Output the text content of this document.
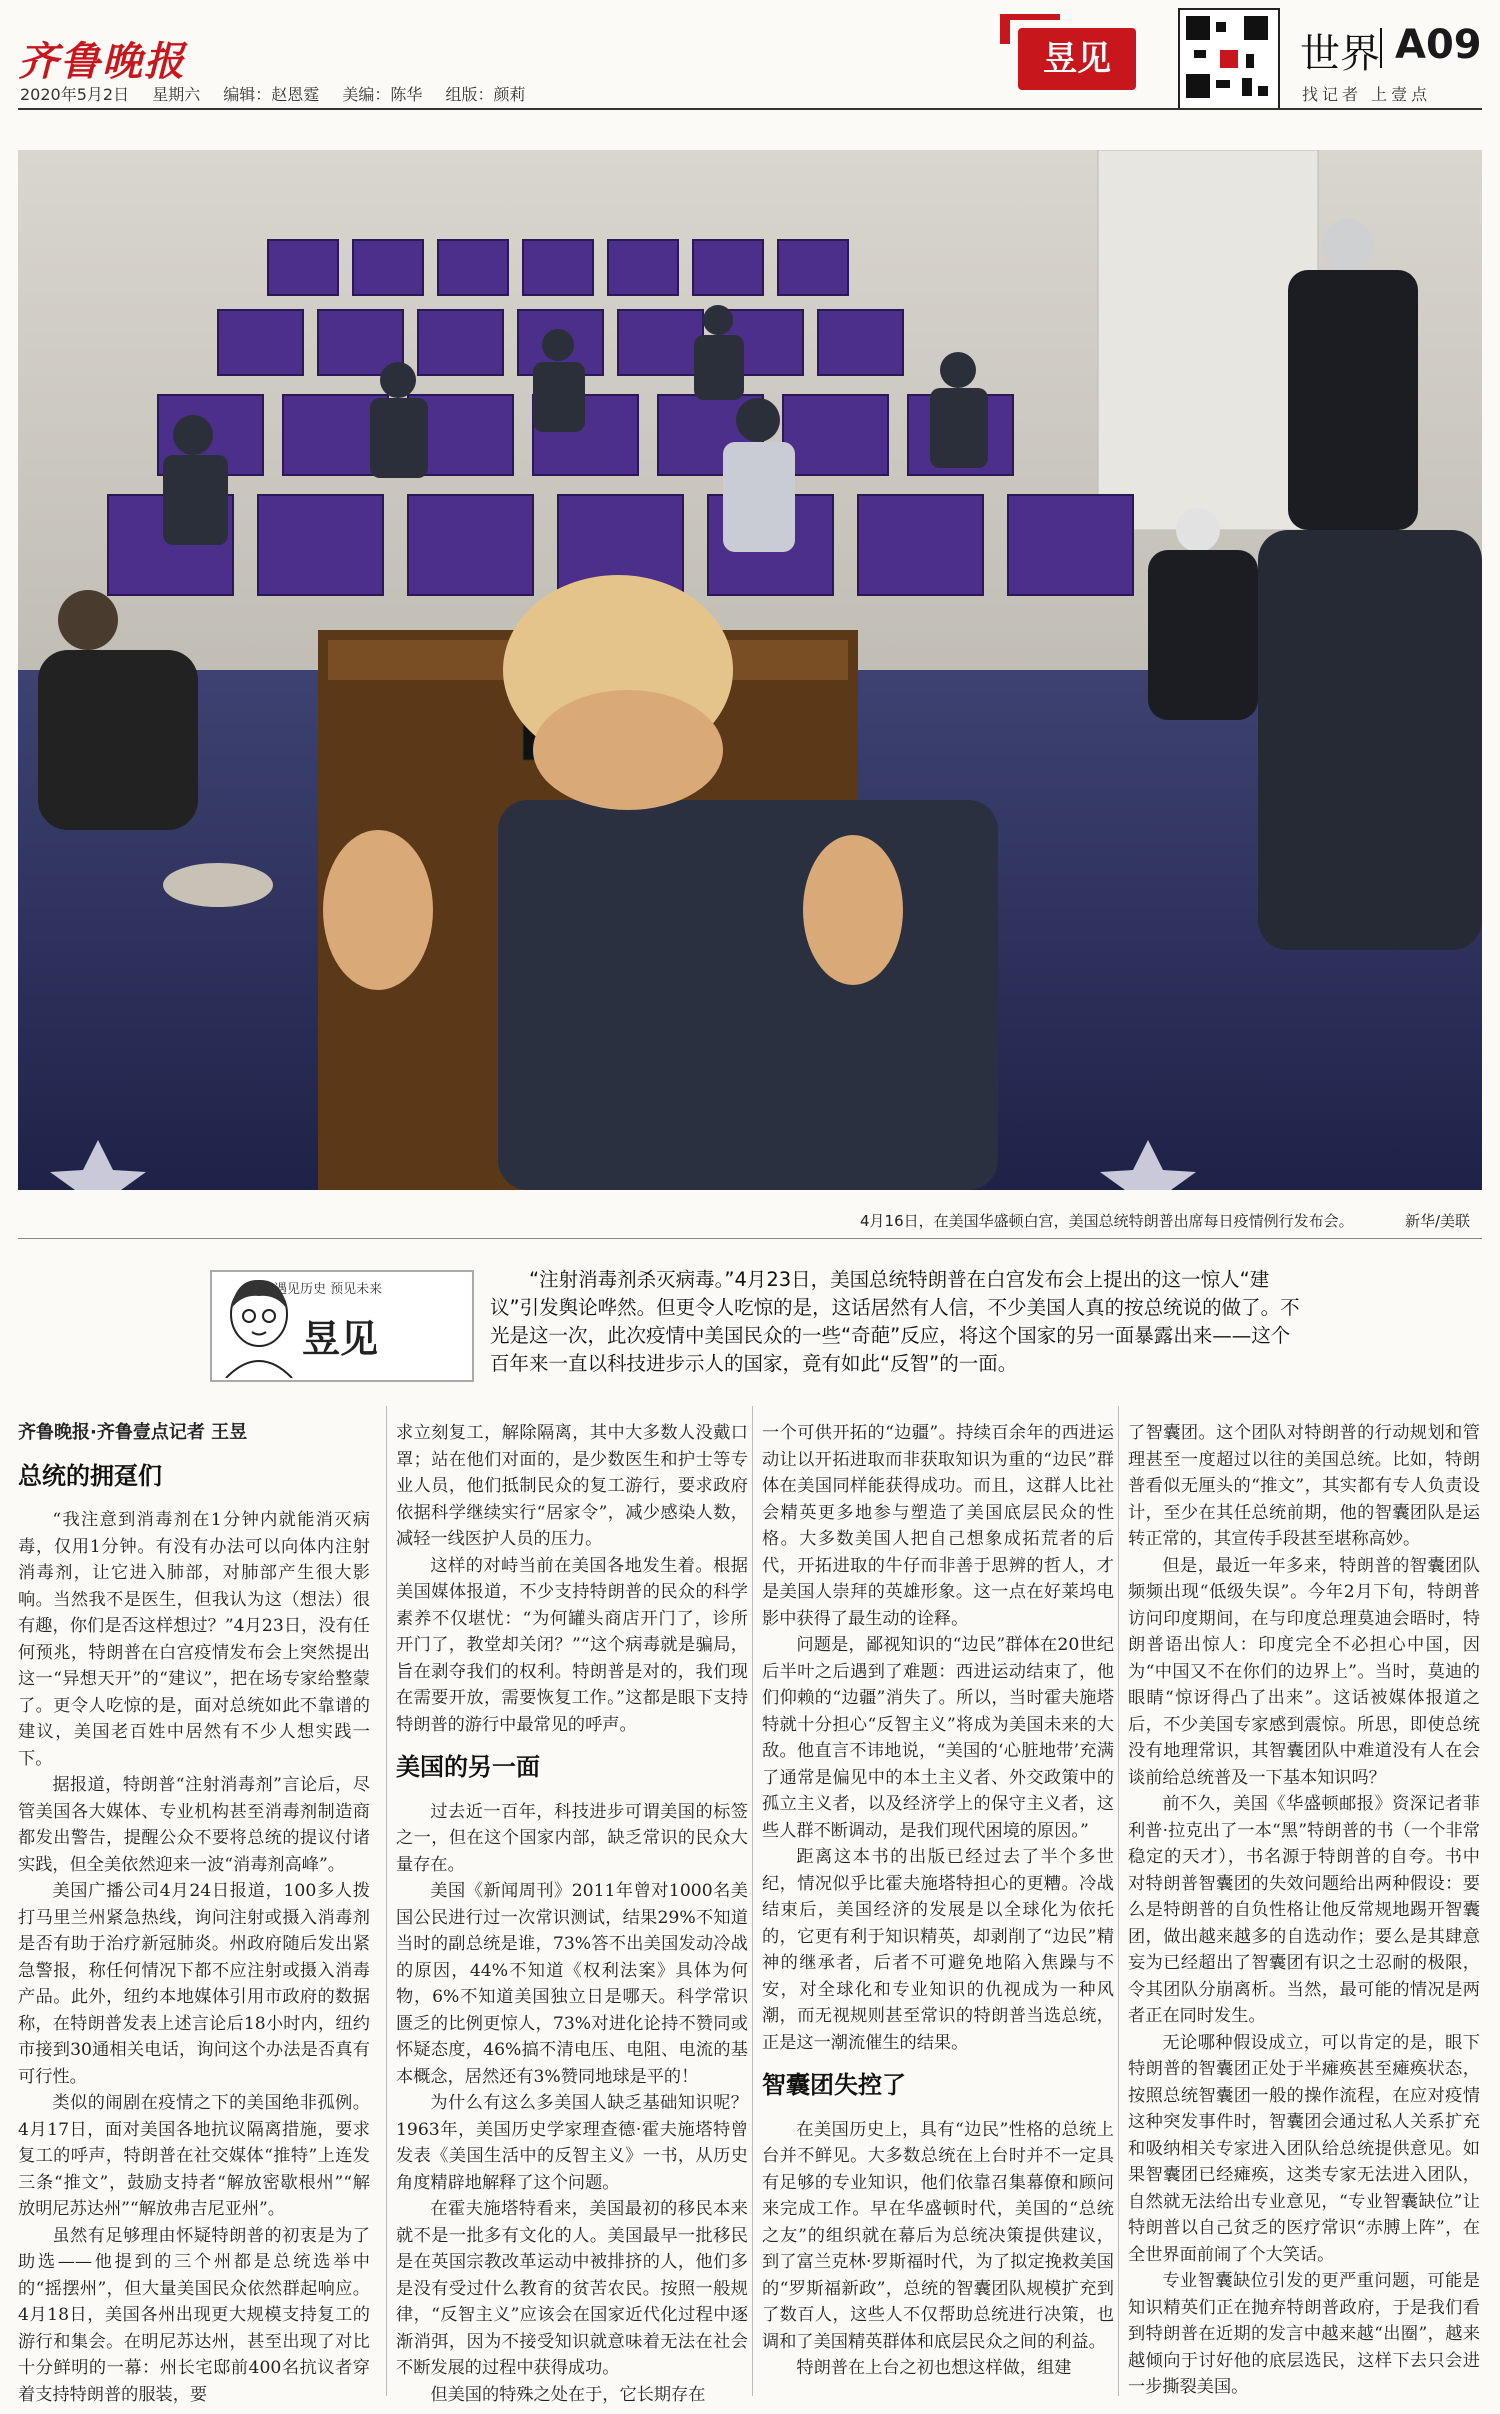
齐鲁晚报
2020年5月2日 星期六 编辑：赵恩霆 美编：陈华 组版：颜莉
昱见	世界 A09
找记者 上壹点
4月16日，在美国华盛顿白宫，美国总统特朗普出席每日疫情例行发布会。	新华/美联
遇见历史 预见未来
昱见
“注射消毒剂杀灭病毒。”4月23日，美国总统特朗普在白宫发布会上提出的这一惊人“建议”引发舆论哗然。但更令人吃惊的是，这话居然有人信，不少美国人真的按总统说的做了。不光是这一次，此次疫情中美国民众的一些“奇葩”反应，将这个国家的另一面暴露出来——这个百年来一直以科技进步示人的国家，竟有如此“反智”的一面。

齐鲁晚报·齐鲁壹点记者 王昱

总统的拥趸们

“我注意到消毒剂在1分钟内就能消灭病毒，仅用1分钟。有没有办法可以向体内注射消毒剂，让它进入肺部，对肺部产生很大影响。当然我不是医生，但我认为这（想法）很有趣，你们是否这样想过？”4月23日，没有任何预兆，特朗普在白宫疫情发布会上突然提出这一“异想天开”的“建议”，把在场专家给整蒙了。更令人吃惊的是，面对总统如此不靠谱的建议，美国老百姓中居然有不少人想实践一下。

据报道，特朗普“注射消毒剂”言论后，尽管美国各大媒体、专业机构甚至消毒剂制造商都发出警告，提醒公众不要将总统的提议付诸实践，但全美依然迎来一波“消毒剂高峰”。

美国广播公司4月24日报道，100多人拨打马里兰州紧急热线，询问注射或摄入消毒剂是否有助于治疗新冠肺炎。州政府随后发出紧急警报，称任何情况下都不应注射或摄入消毒产品。此外，纽约本地媒体引用市政府的数据称，在特朗普发表上述言论后18小时内，纽约市接到30通相关电话，询问这个办法是否真有可行性。

类似的闹剧在疫情之下的美国绝非孤例。4月17日，面对美国各地抗议隔离措施，要求复工的呼声，特朗普在社交媒体“推特”上连发三条“推文”，鼓励支持者“解放密歇根州”“解放明尼苏达州”“解放弗吉尼亚州”。

虽然有足够理由怀疑特朗普的初衷是为了助选——他提到的三个州都是总统选举中的“摇摆州”，但大量美国民众依然群起响应。4月18日，美国各州出现更大规模支持复工的游行和集会。在明尼苏达州，甚至出现了对比十分鲜明的一幕：州长宅邸前400名抗议者穿着支持特朗普的服装，要

求立刻复工，解除隔离，其中大多数人没戴口罩；站在他们对面的，是少数医生和护士等专业人员，他们抵制民众的复工游行，要求政府依据科学继续实行“居家令”，减少感染人数，减轻一线医护人员的压力。

这样的对峙当前在美国各地发生着。根据美国媒体报道，不少支持特朗普的民众的科学素养不仅堪忧：“为何罐头商店开门了，诊所开门了，教堂却关闭？”“这个病毒就是骗局，旨在剥夺我们的权利。特朗普是对的，我们现在需要开放，需要恢复工作。”这都是眼下支持特朗普的游行中最常见的呼声。

美国的另一面

过去近一百年，科技进步可谓美国的标签之一，但在这个国家内部，缺乏常识的民众大量存在。

美国《新闻周刊》2011年曾对1000名美国公民进行过一次常识测试，结果29%不知道当时的副总统是谁，73%答不出美国发动冷战的原因，44%不知道《权利法案》具体为何物，6%不知道美国独立日是哪天。科学常识匮乏的比例更惊人，73%对进化论持不赞同或怀疑态度，46%搞不清电压、电阻、电流的基本概念，居然还有3%赞同地球是平的！

为什么有这么多美国人缺乏基础知识呢？1963年，美国历史学家理查德·霍夫施塔特曾发表《美国生活中的反智主义》一书，从历史角度精辟地解释了这个问题。

在霍夫施塔特看来，美国最初的移民本来就不是一批多有文化的人。美国最早一批移民是在英国宗教改革运动中被排挤的人，他们多是没有受过什么教育的贫苦农民。按照一般规律，“反智主义”应该会在国家近代化过程中逐渐消弭，因为不接受知识就意味着无法在社会不断发展的过程中获得成功。

但美国的特殊之处在于，它长期存在

一个可供开拓的“边疆”。持续百余年的西进运动让以开拓进取而非获取知识为重的“边民”群体在美国同样能获得成功。而且，这群人比社会精英更多地参与塑造了美国底层民众的性格。大多数美国人把自己想象成拓荒者的后代，开拓进取的牛仔而非善于思辨的哲人，才是美国人崇拜的英雄形象。这一点在好莱坞电影中获得了最生动的诠释。

问题是，鄙视知识的“边民”群体在20世纪后半叶之后遇到了难题：西进运动结束了，他们仰赖的“边疆”消失了。所以，当时霍夫施塔特就十分担心“反智主义”将成为美国未来的大敌。他直言不讳地说，“美国的‘心脏地带’充满了通常是偏见中的本土主义者、外交政策中的孤立主义者，以及经济学上的保守主义者，这些人群不断调动，是我们现代困境的原因。”

距离这本书的出版已经过去了半个多世纪，情况似乎比霍夫施塔特担心的更糟。冷战结束后，美国经济的发展是以全球化为依托的，它更有利于知识精英，却剥削了“边民”精神的继承者，后者不可避免地陷入焦躁与不安，对全球化和专业知识的仇视成为一种风潮，而无视规则甚至常识的特朗普当选总统，正是这一潮流催生的结果。

智囊团失控了

在美国历史上，具有“边民”性格的总统上台并不鲜见。大多数总统在上台时并不一定具有足够的专业知识，他们依靠召集幕僚和顾问来完成工作。早在华盛顿时代，美国的“总统之友”的组织就在幕后为总统决策提供建议，到了富兰克林·罗斯福时代，为了拟定挽救美国的“罗斯福新政”，总统的智囊团队规模扩充到了数百人，这些人不仅帮助总统进行决策，也调和了美国精英群体和底层民众之间的利益。

特朗普在上台之初也想这样做，组建

了智囊团。这个团队对特朗普的行动规划和管理甚至一度超过以往的美国总统。比如，特朗普看似无厘头的“推文”，其实都有专人负责设计，至少在其任总统前期，他的智囊团队是运转正常的，其宣传手段甚至堪称高妙。

但是，最近一年多来，特朗普的智囊团队频频出现“低级失误”。今年2月下旬，特朗普访问印度期间，在与印度总理莫迪会晤时，特朗普语出惊人：印度完全不必担心中国，因为“中国又不在你们的边界上”。当时，莫迪的眼睛“惊讶得凸了出来”。这话被媒体报道之后，不少美国专家感到震惊。所思，即使总统没有地理常识，其智囊团队中难道没有人在会谈前给总统普及一下基本知识吗？

前不久，美国《华盛顿邮报》资深记者菲利普·拉克出了一本“黑”特朗普的书（一个非常稳定的天才），书名源于特朗普的自夸。书中对特朗普智囊团的失效问题给出两种假设：要么是特朗普的自负性格让他反常规地踢开智囊团，做出越来越多的自选动作；要么是其肆意妄为已经超出了智囊团有识之士忍耐的极限，令其团队分崩离析。当然，最可能的情况是两者正在同时发生。

无论哪种假设成立，可以肯定的是，眼下特朗普的智囊团正处于半瘫痪甚至瘫痪状态，按照总统智囊团一般的操作流程，在应对疫情这种突发事件时，智囊团会通过私人关系扩充和吸纳相关专家进入团队给总统提供意见。如果智囊团已经瘫痪，这类专家无法进入团队，自然就无法给出专业意见，“专业智囊缺位”让特朗普以自己贫乏的医疗常识“赤膊上阵”，在全世界面前闹了个大笑话。

专业智囊缺位引发的更严重问题，可能是知识精英们正在抛弃特朗普政府，于是我们看到特朗普在近期的发言中越来越“出圈”，越来越倾向于讨好他的底层选民，这样下去只会进一步撕裂美国。
